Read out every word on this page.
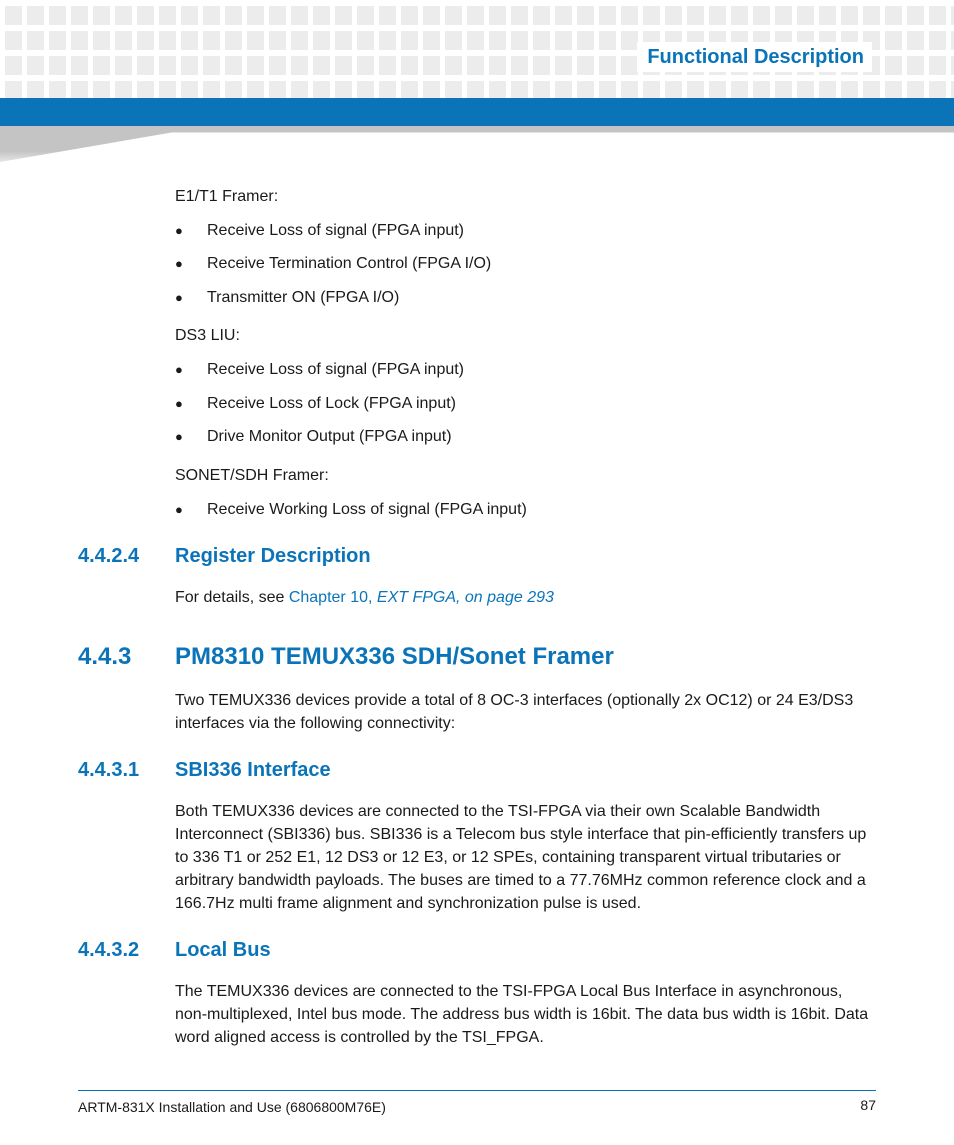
Functional Description

E1/T1 Framer:

●	Receive Loss of signal (FPGA input)
●	Receive Termination Control (FPGA I/O)
●	Transmitter ON (FPGA I/O)

DS3 LIU:

●	Receive Loss of signal (FPGA input)
●	Receive Loss of Lock (FPGA input)
●	Drive Monitor Output (FPGA input)

SONET/SDH Framer:

●	Receive Working Loss of signal (FPGA input)
4.4.2.4	Register Description

For details, see Chapter 10, EXT FPGA, on page 293

4.4.3	PM8310 TEMUX336 SDH/Sonet Framer

Two TEMUX336 devices provide a total of 8 OC-3 interfaces (optionally 2x OC12) or 24 E3/DS3 interfaces via the following connectivity:

4.4.3.1	SBI336 Interface

Both TEMUX336 devices are connected to the TSI-FPGA via their own Scalable Bandwidth Interconnect (SBI336) bus. SBI336 is a Telecom bus style interface that pin-efficiently transfers up to 336 T1 or 252 E1, 12 DS3 or 12 E3, or 12 SPEs, containing transparent virtual tributaries or arbitrary bandwidth payloads. The buses are timed to a 77.76MHz common reference clock and a 166.7Hz multi frame alignment and synchronization pulse is used.

4.4.3.2	Local Bus

The TEMUX336 devices are connected to the TSI-FPGA Local Bus Interface in asynchronous, non-multiplexed, Intel bus mode. The address bus width is 16bit. The data bus width is 16bit. Data word aligned access is controlled by the TSI_FPGA.

ARTM-831X Installation and Use (6806800M76E)	87
